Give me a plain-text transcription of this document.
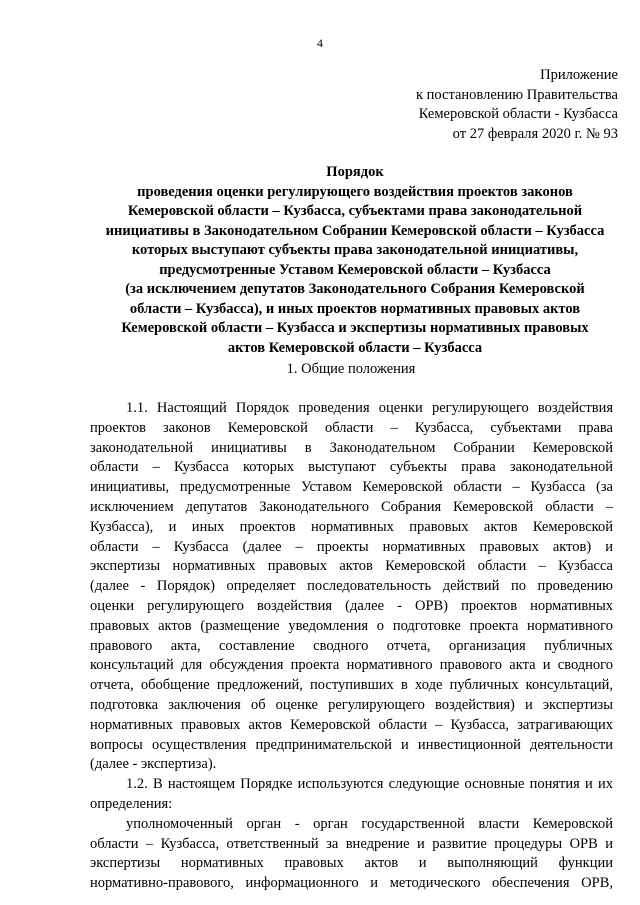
4
Приложение
к постановлению Правительства
Кемеровской области - Кузбасса
от 27 февраля 2020 г. № 93
Порядок
проведения оценки регулирующего воздействия проектов законов
Кемеровской области – Кузбасса, субъектами права законодательной
инициативы в Законодательном Собрании Кемеровской области – Кузбасса
которых выступают субъекты права законодательной инициативы,
предусмотренные Уставом Кемеровской области – Кузбасса
(за исключением депутатов Законодательного Собрания Кемеровской
области – Кузбасса), и иных проектов нормативных правовых актов
Кемеровской области – Кузбасса и экспертизы нормативных правовых
актов Кемеровской области – Кузбасса
1. Общие положения
1.1. Настоящий Порядок проведения оценки регулирующего воздействия
проектов законов Кемеровской области – Кузбасса, субъектами права
законодательной инициативы в Законодательном Собрании Кемеровской
области – Кузбасса которых выступают субъекты права законодательной
инициативы, предусмотренные Уставом Кемеровской области – Кузбасса (за
исключением депутатов Законодательного Собрания Кемеровской области –
Кузбасса), и иных проектов нормативных правовых актов Кемеровской
области – Кузбасса (далее – проекты нормативных правовых актов) и
экспертизы нормативных правовых актов Кемеровской области – Кузбасса
(далее - Порядок) определяет последовательность действий по проведению
оценки регулирующего воздействия (далее - ОРВ) проектов нормативных
правовых актов (размещение уведомления о подготовке проекта нормативного
правового акта, составление сводного отчета, организация публичных
консультаций для обсуждения проекта нормативного правового акта и сводного
отчета, обобщение предложений, поступивших в ходе публичных консультаций,
подготовка заключения об оценке регулирующего воздействия) и экспертизы
нормативных правовых актов Кемеровской области – Кузбасса, затрагивающих
вопросы осуществления предпринимательской и инвестиционной деятельности
(далее - экспертиза).
1.2. В настоящем Порядке используются следующие основные понятия и их
определения:
уполномоченный орган - орган государственной власти Кемеровской
области – Кузбасса, ответственный за внедрение и развитие процедуры ОРВ и
экспертизы нормативных правовых актов и выполняющий функции
нормативно-правового, информационного и методического обеспечения ОРВ,
